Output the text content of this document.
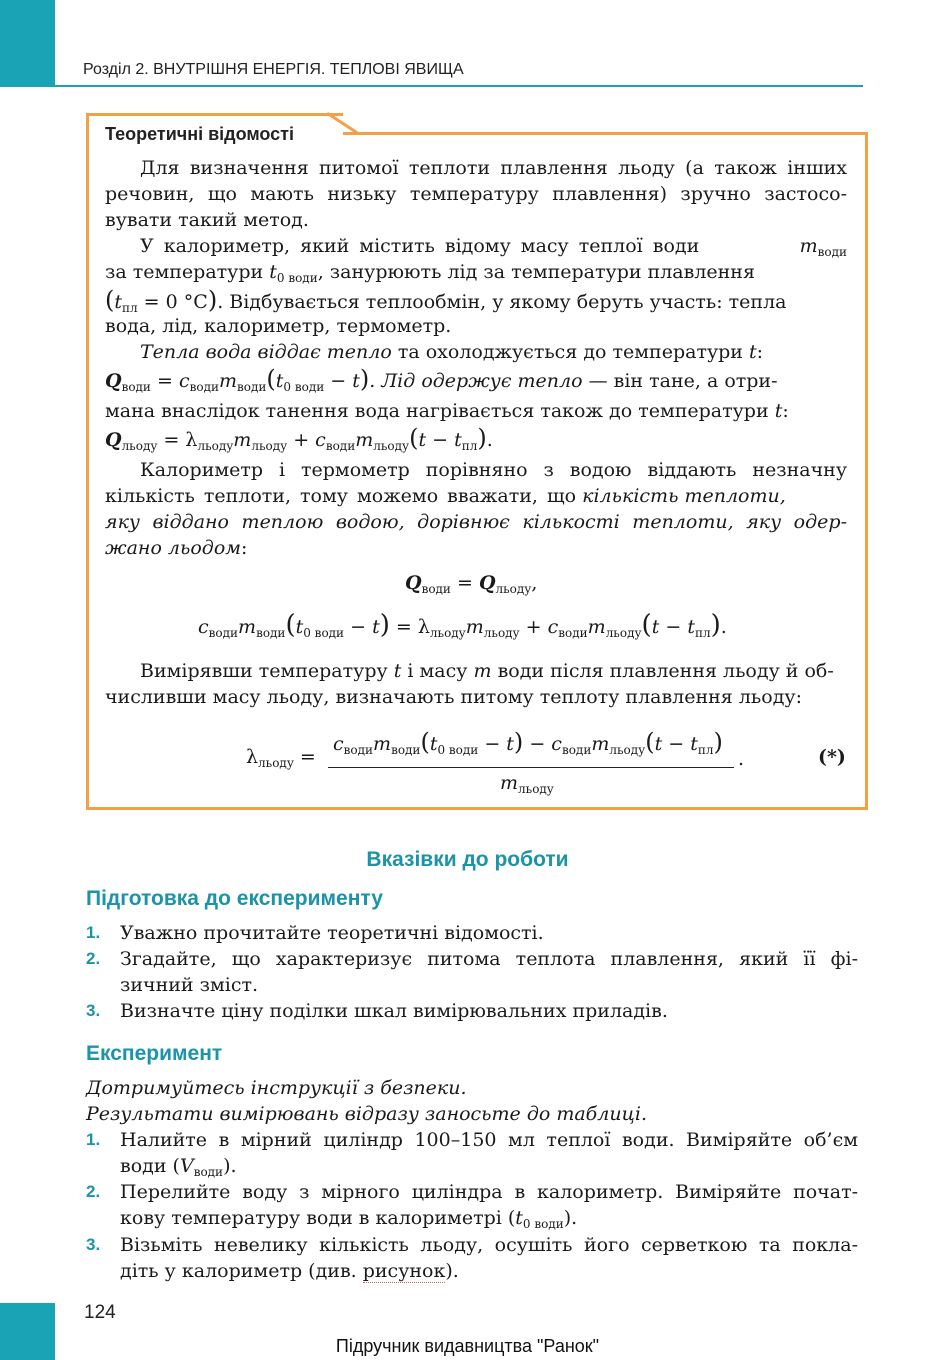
Розділ 2. ВНУТРІШНЯ ЕНЕРГІЯ. ТЕПЛОВІ ЯВИЩА
Теоретичні відомості
Для визначення питомої теплоти плавлення льоду (а також інших
речовин, що мають низьку температуру плавлення) зручно застосо-
вувати такий метод.
У калориметр, який містить відому масу теплої води	$m_{води}$
за температури $t_{0 води}$, занурюють лід за температури плавлення
($t_{пл} = 0$ °C). Відбувається теплообмін, у якому беруть участь: тепла
вода, лід, калориметр, термометр.
Тепла вода віддає тепло та охолоджується до температури t:
$Q_{води} = c_{води}m_{води}(t_{0 води} - t)$. Лід одержує тепло — він тане, а отри-
мана внаслідок танення вода нагрівається також до температури t:
$Q_{льоду} = \lambda_{льоду}m_{льоду} + c_{води}m_{льоду}(t - t_{пл})$.
Калориметр і термометр порівняно з водою віддають незначну
кількість теплоти, тому можемо вважати, що кількість теплоти,
яку віддано теплою водою, дорівнює кількості теплоти, яку одер-
жано льодом:
$Q_{води} = Q_{льоду}$,
$c_{води}m_{води}(t_{0 води} - t) = \lambda_{льоду}m_{льоду} + c_{води}m_{льоду}(t - t_{пл})$.
Вимірявши температуру t і масу m води після плавлення льоду й об-
числивши масу льоду, визначають питому теплоту плавлення льоду:
$\lambda_{льоду}$ =
$c_{води}m_{води}(t_{0 води} - t) - c_{води}m_{льоду}(t - t_{пл})$
$m_{льоду}$
.	(*)
Вказівки до роботи
Підготовка до експерименту
1. Уважно прочитайте теоретичні відомості.
2. Згадайте, що характеризує питома теплота плавлення, який її фі-
зичний зміст.
3. Визначте ціну поділки шкал вимірювальних приладів.
Експеримент
Дотримуйтесь інструкції з безпеки.
Результати вимірювань відразу заносьте до таблиці.
1. Налийте в мірний циліндр 100–150 мл теплої води. Виміряйте об’єм
води $(V_{води})$.
2. Перелийте воду з мірного циліндра в калориметр. Виміряйте почат-
кову температуру води в калориметрі $(t_{0 води})$.
3. Візьміть невелику кількість льоду, осушіть його серветкою та покла-
діть у калориметр (див. рисунок).
124
Підручник видавництва "Ранок"
